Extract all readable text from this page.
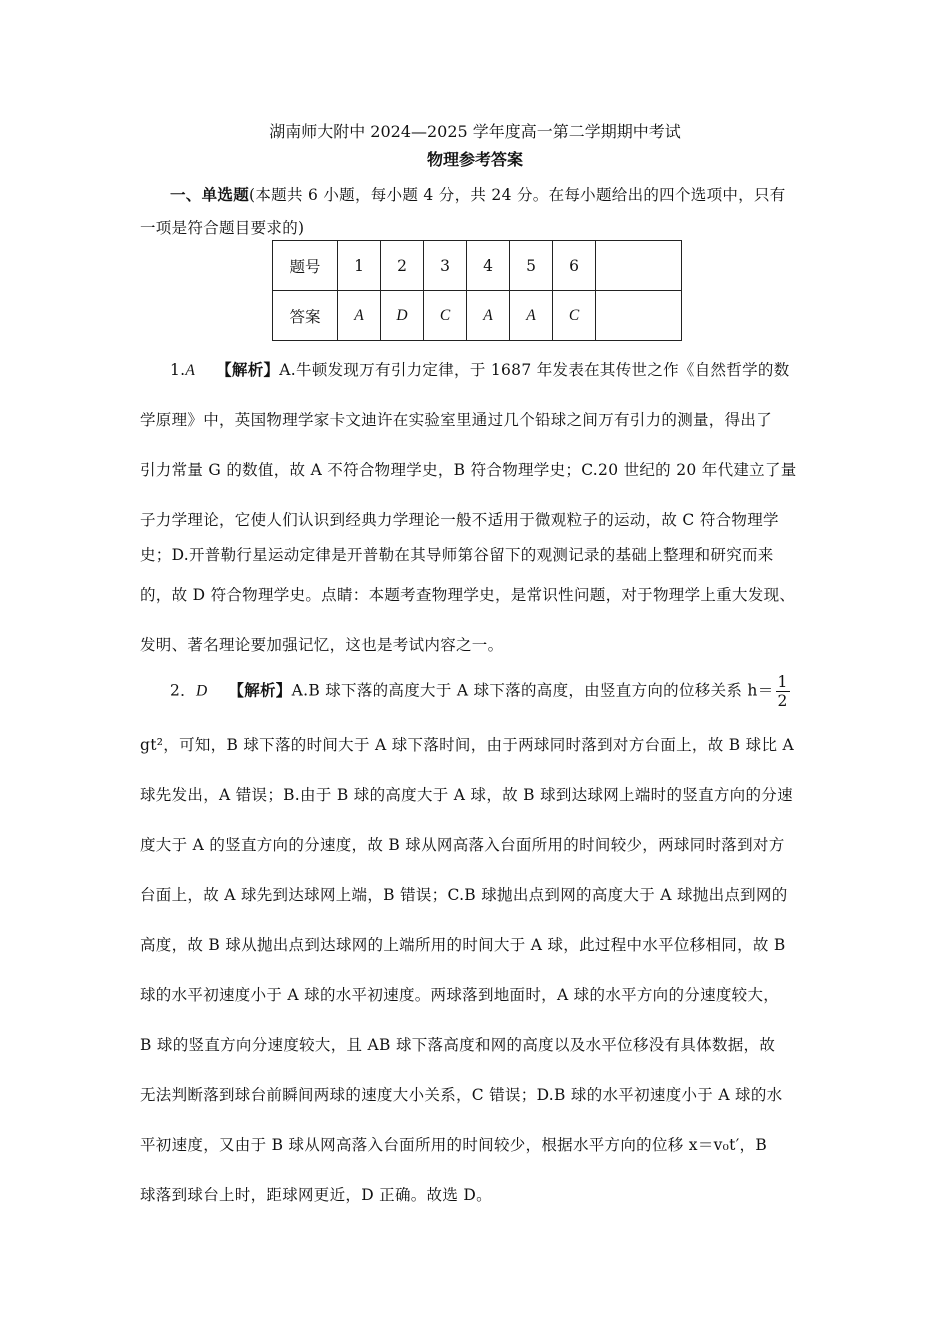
湖南师大附中 2024—2025 学年度高一第二学期期中考试
物理参考答案
一、单选题(本题共 6 小题，每小题 4 分，共 24 分。在每小题给出的四个选项中，只有
一项是符合题目要求的)
题号	1	2	3	4	5	6	
答案	A	D	C	A	A	C	
1.A 【解析】A.牛顿发现万有引力定律，于 1687 年发表在其传世之作《自然哲学的数
学原理》中，英国物理学家卡文迪许在实验室里通过几个铅球之间万有引力的测量，得出了
引力常量 G 的数值，故 A 不符合物理学史，B 符合物理学史；C.20 世纪的 20 年代建立了量
子力学理论，它使人们认识到经典力学理论一般不适用于微观粒子的运动，故 C 符合物理学
史；D.开普勒行星运动定律是开普勒在其导师第谷留下的观测记录的基础上整理和研究而来
的，故 D 符合物理学史。点睛：本题考查物理学史，是常识性问题，对于物理学上重大发现、
发明、著名理论要加强记忆，这也是考试内容之一。
2．D 【解析】A.B 球下落的高度大于 A 球下落的高度，由竖直方向的位移关系 $h= \frac{1}{2}$
gt²，可知，B 球下落的时间大于 A 球下落时间，由于两球同时落到对方台面上，故 B 球比 A
球先发出，A 错误；B.由于 B 球的高度大于 A 球，故 B 球到达球网上端时的竖直方向的分速
度大于 A 的竖直方向的分速度，故 B 球从网高落入台面所用的时间较少，两球同时落到对方
台面上，故 A 球先到达球网上端，B 错误；C.B 球抛出点到网的高度大于 A 球抛出点到网的
高度，故 B 球从抛出点到达球网的上端所用的时间大于 A 球，此过程中水平位移相同，故 B
球的水平初速度小于 A 球的水平初速度。两球落到地面时，A 球的水平方向的分速度较大，
B 球的竖直方向分速度较大，且 AB 球下落高度和网的高度以及水平位移没有具体数据，故
无法判断落到球台前瞬间两球的速度大小关系，C 错误；D.B 球的水平初速度小于 A 球的水
平初速度，又由于 B 球从网高落入台面所用的时间较少，根据水平方向的位移 x＝v₀t′，B
球落到球台上时，距球网更近，D 正确。故选 D。
